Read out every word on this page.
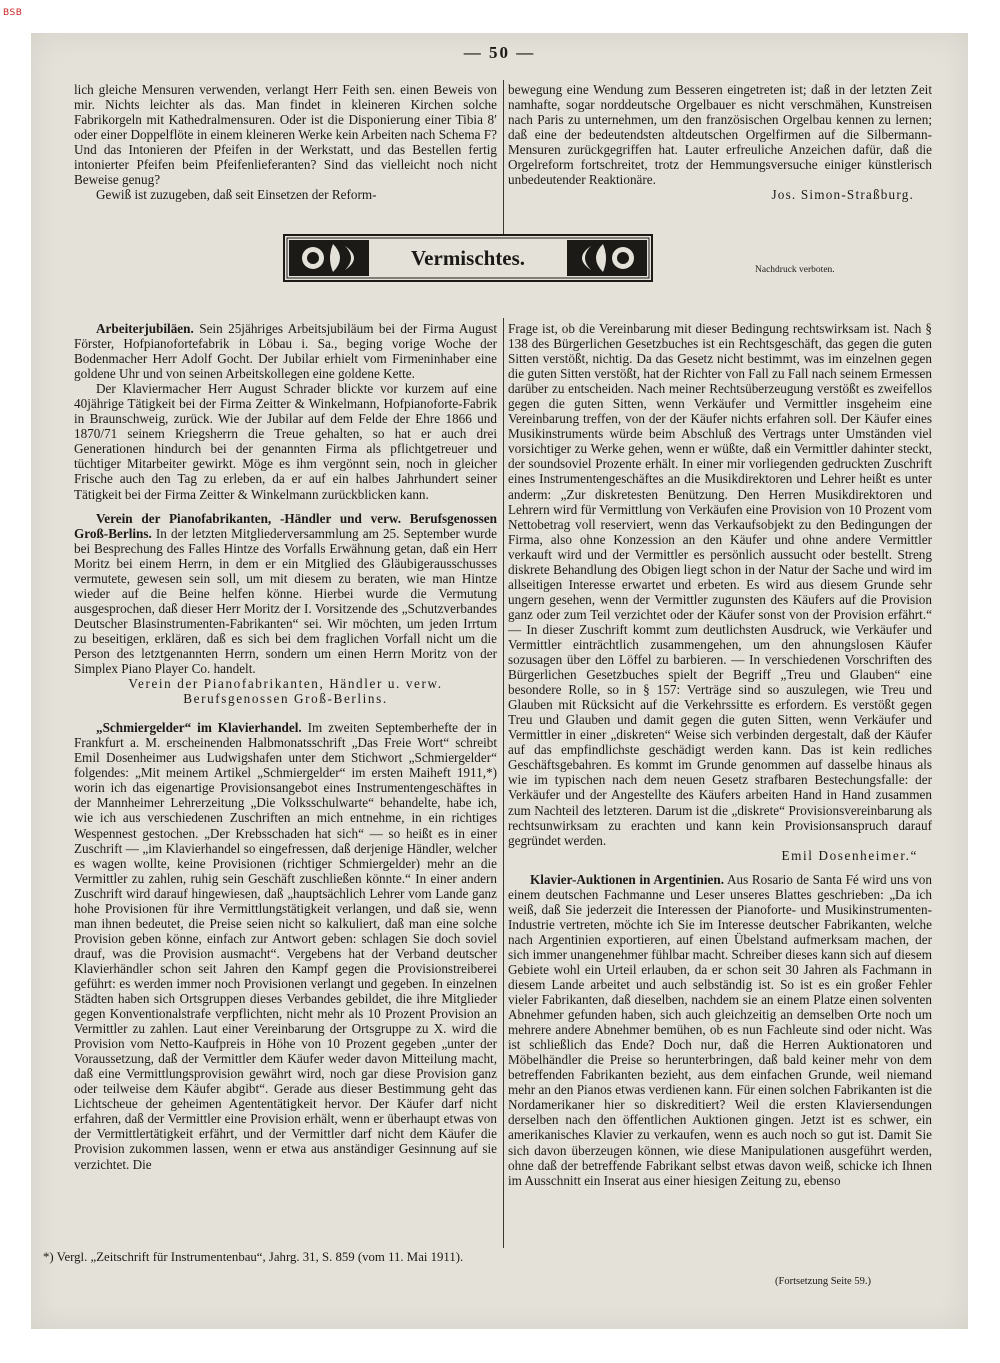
BSB
— 50 —

lich gleiche Mensuren verwenden, verlangt Herr Feith sen. einen Beweis von mir. Nichts leichter als das. Man findet in kleineren Kirchen solche Fabrikorgeln mit Kathedralmensuren. Oder ist die Disponierung einer Tibia 8′ oder einer Doppelflöte in einem kleineren Werke kein Arbeiten nach Schema F? Und das Intonieren der Pfeifen in der Werkstatt, und das Bestellen fertig intonierter Pfeifen beim Pfeifenlieferanten? Sind das vielleicht noch nicht Beweise genug?

Gewiß ist zuzugeben, daß seit Einsetzen der Reform-

bewegung eine Wendung zum Besseren eingetreten ist; daß in der letzten Zeit namhafte, sogar norddeutsche Orgelbauer es nicht verschmähen, Kunstreisen nach Paris zu unternehmen, um den französischen Orgelbau kennen zu lernen; daß eine der bedeutendsten altdeutschen Orgelfirmen auf die Silbermann-Mensuren zurückgegriffen hat. Lauter erfreuliche Anzeichen dafür, daß die Orgelreform fortschreitet, trotz der Hemmungsversuche einiger künstlerisch unbedeutender Reaktionäre.

Jos. Simon-Straßburg.

Vermischtes.	Nachdruck verboten.

Arbeiterjubiläen. Sein 25jähriges Arbeitsjubiläum bei der Firma August Förster, Hofpianofortefabrik in Löbau i. Sa., beging vorige Woche der Bodenmacher Herr Adolf Gocht. Der Jubilar erhielt vom Firmeninhaber eine goldene Uhr und von seinen Arbeitskollegen eine goldene Kette.

Der Klaviermacher Herr August Schrader blickte vor kurzem auf eine 40jährige Tätigkeit bei der Firma Zeitter & Winkelmann, Hofpianoforte-Fabrik in Braunschweig, zurück. Wie der Jubilar auf dem Felde der Ehre 1866 und 1870/71 seinem Kriegsherrn die Treue gehalten, so hat er auch drei Generationen hindurch bei der genannten Firma als pflichtgetreuer und tüchtiger Mitarbeiter gewirkt. Möge es ihm vergönnt sein, noch in gleicher Frische auch den Tag zu erleben, da er auf ein halbes Jahrhundert seiner Tätigkeit bei der Firma Zeitter & Winkelmann zurückblicken kann.

Verein der Pianofabrikanten, -Händler und verw. Berufsgenossen Groß-Berlins. In der letzten Mitgliederversammlung am 25. September wurde bei Besprechung des Falles Hintze des Vorfalls Erwähnung getan, daß ein Herr Moritz bei einem Herrn, in dem er ein Mitglied des Gläubigerausschusses vermutete, gewesen sein soll, um mit diesem zu beraten, wie man Hintze wieder auf die Beine helfen könne. Hierbei wurde die Vermutung ausgesprochen, daß dieser Herr Moritz der I. Vorsitzende des „Schutzverbandes Deutscher Blasinstrumenten-Fabrikanten“ sei. Wir möchten, um jeden Irrtum zu beseitigen, erklären, daß es sich bei dem fraglichen Vorfall nicht um die Person des letztgenannten Herrn, sondern um einen Herrn Moritz von der Simplex Piano Player Co. handelt.

Verein der Pianofabrikanten, Händler u. verw. Berufsgenossen Groß-Berlins.

„Schmiergelder“ im Klavierhandel. Im zweiten Septemberhefte der in Frankfurt a. M. erscheinenden Halbmonatsschrift „Das Freie Wort“ schreibt Emil Dosenheimer aus Ludwigshafen unter dem Stichwort „Schmiergelder“ folgendes: „Mit meinem Artikel „Schmiergelder“ im ersten Maiheft 1911,*) worin ich das eigenartige Provisionsangebot eines Instrumentengeschäftes in der Mannheimer Lehrerzeitung „Die Volksschulwarte“ behandelte, habe ich, wie ich aus verschiedenen Zuschriften an mich entnehme, in ein richtiges Wespennest gestochen. „Der Krebsschaden hat sich“ — so heißt es in einer Zuschrift — „im Klavierhandel so eingefressen, daß derjenige Händler, welcher es wagen wollte, keine Provisionen (richtiger Schmiergelder) mehr an die Vermittler zu zahlen, ruhig sein Geschäft zuschließen könnte.“ In einer andern Zuschrift wird darauf hingewiesen, daß „hauptsächlich Lehrer vom Lande ganz hohe Provisionen für ihre Vermittlungstätigkeit verlangen, und daß sie, wenn man ihnen bedeutet, die Preise seien nicht so kalkuliert, daß man eine solche Provision geben könne, einfach zur Antwort geben: schlagen Sie doch soviel drauf, was die Provision ausmacht“. Vergebens hat der Verband deutscher Klavierhändler schon seit Jahren den Kampf gegen die Provisionstreiberei geführt: es werden immer noch Provisionen verlangt und gegeben. In einzelnen Städten haben sich Ortsgruppen dieses Verbandes gebildet, die ihre Mitglieder gegen Konventionalstrafe verpflichten, nicht mehr als 10 Prozent Provision an Vermittler zu zahlen. Laut einer Vereinbarung der Ortsgruppe zu X. wird die Provision vom Netto-Kaufpreis in Höhe von 10 Prozent gegeben „unter der Voraussetzung, daß der Vermittler dem Käufer weder davon Mitteilung macht, daß eine Vermittlungsprovision gewährt wird, noch gar diese Provision ganz oder teilweise dem Käufer abgibt“. Gerade aus dieser Bestimmung geht das Lichtscheue der geheimen Agententätigkeit hervor. Der Käufer darf nicht erfahren, daß der Vermittler eine Provision erhält, wenn er überhaupt etwas von der Vermittlertätigkeit erfährt, und der Vermittler darf nicht dem Käufer die Provision zukommen lassen, wenn er etwa aus anständiger Gesinnung auf sie verzichtet. Die

Frage ist, ob die Vereinbarung mit dieser Bedingung rechtswirksam ist. Nach § 138 des Bürgerlichen Gesetzbuches ist ein Rechtsgeschäft, das gegen die guten Sitten verstößt, nichtig. Da das Gesetz nicht bestimmt, was im einzelnen gegen die guten Sitten verstößt, hat der Richter von Fall zu Fall nach seinem Ermessen darüber zu entscheiden. Nach meiner Rechtsüberzeugung verstößt es zweifellos gegen die guten Sitten, wenn Verkäufer und Vermittler insgeheim eine Vereinbarung treffen, von der der Käufer nichts erfahren soll. Der Käufer eines Musikinstruments würde beim Abschluß des Vertrags unter Umständen viel vorsichtiger zu Werke gehen, wenn er wüßte, daß ein Vermittler dahinter steckt, der soundsoviel Prozente erhält. In einer mir vorliegenden gedruckten Zuschrift eines Instrumentengeschäftes an die Musikdirektoren und Lehrer heißt es unter anderm: „Zur diskretesten Benützung. Den Herren Musikdirektoren und Lehrern wird für Vermittlung von Verkäufen eine Provision von 10 Prozent vom Nettobetrag voll reserviert, wenn das Verkaufsobjekt zu den Bedingungen der Firma, also ohne Konzession an den Käufer und ohne andere Vermittler verkauft wird und der Vermittler es persönlich aussucht oder bestellt. Streng diskrete Behandlung des Obigen liegt schon in der Natur der Sache und wird im allseitigen Interesse erwartet und erbeten. Es wird aus diesem Grunde sehr ungern gesehen, wenn der Vermittler zugunsten des Käufers auf die Provision ganz oder zum Teil verzichtet oder der Käufer sonst von der Provision erfährt.“ — In dieser Zuschrift kommt zum deutlichsten Ausdruck, wie Verkäufer und Vermittler einträchtlich zusammengehen, um den ahnungslosen Käufer sozusagen über den Löffel zu barbieren. — In verschiedenen Vorschriften des Bürgerlichen Gesetzbuches spielt der Begriff „Treu und Glauben“ eine besondere Rolle, so in § 157: Verträge sind so auszulegen, wie Treu und Glauben mit Rücksicht auf die Verkehrssitte es erfordern. Es verstößt gegen Treu und Glauben und damit gegen die guten Sitten, wenn Verkäufer und Vermittler in einer „diskreten“ Weise sich verbinden dergestalt, daß der Käufer auf das empfindlichste geschädigt werden kann. Das ist kein redliches Geschäftsgebahren. Es kommt im Grunde genommen auf dasselbe hinaus als wie im typischen nach dem neuen Gesetz strafbaren Bestechungsfalle: der Verkäufer und der Angestellte des Käufers arbeiten Hand in Hand zusammen zum Nachteil des letzteren. Darum ist die „diskrete“ Provisionsvereinbarung als rechtsunwirksam zu erachten und kann kein Provisionsanspruch darauf gegründet werden.

Emil Dosenheimer.“

Klavier-Auktionen in Argentinien. Aus Rosario de Santa Fé wird uns von einem deutschen Fachmanne und Leser unseres Blattes geschrieben: „Da ich weiß, daß Sie jederzeit die Interessen der Pianoforte- und Musikinstrumenten-Industrie vertreten, möchte ich Sie im Interesse deutscher Fabrikanten, welche nach Argentinien exportieren, auf einen Übelstand aufmerksam machen, der sich immer unangenehmer fühlbar macht. Schreiber dieses kann sich auf diesem Gebiete wohl ein Urteil erlauben, da er schon seit 30 Jahren als Fachmann in diesem Lande arbeitet und auch selbständig ist. So ist es ein großer Fehler vieler Fabrikanten, daß dieselben, nachdem sie an einem Platze einen solventen Abnehmer gefunden haben, sich auch gleichzeitig an demselben Orte noch um mehrere andere Abnehmer bemühen, ob es nun Fachleute sind oder nicht. Was ist schließlich das Ende? Doch nur, daß die Herren Auktionatoren und Möbelhändler die Preise so herunterbringen, daß bald keiner mehr von dem betreffenden Fabrikanten bezieht, aus dem einfachen Grunde, weil niemand mehr an den Pianos etwas verdienen kann. Für einen solchen Fabrikanten ist die Nordamerikaner hier so diskreditiert? Weil die ersten Klaviersendungen derselben nach den öffentlichen Auktionen gingen. Jetzt ist es schwer, ein amerikanisches Klavier zu verkaufen, wenn es auch noch so gut ist. Damit Sie sich davon überzeugen können, wie diese Manipulationen ausgeführt werden, ohne daß der betreffende Fabrikant selbst etwas davon weiß, schicke ich Ihnen im Ausschnitt ein Inserat aus einer hiesigen Zeitung zu, ebenso

*) Vergl. „Zeitschrift für Instrumentenbau“, Jahrg. 31, S. 859 (vom 11. Mai 1911).
(Fortsetzung Seite 59.)
